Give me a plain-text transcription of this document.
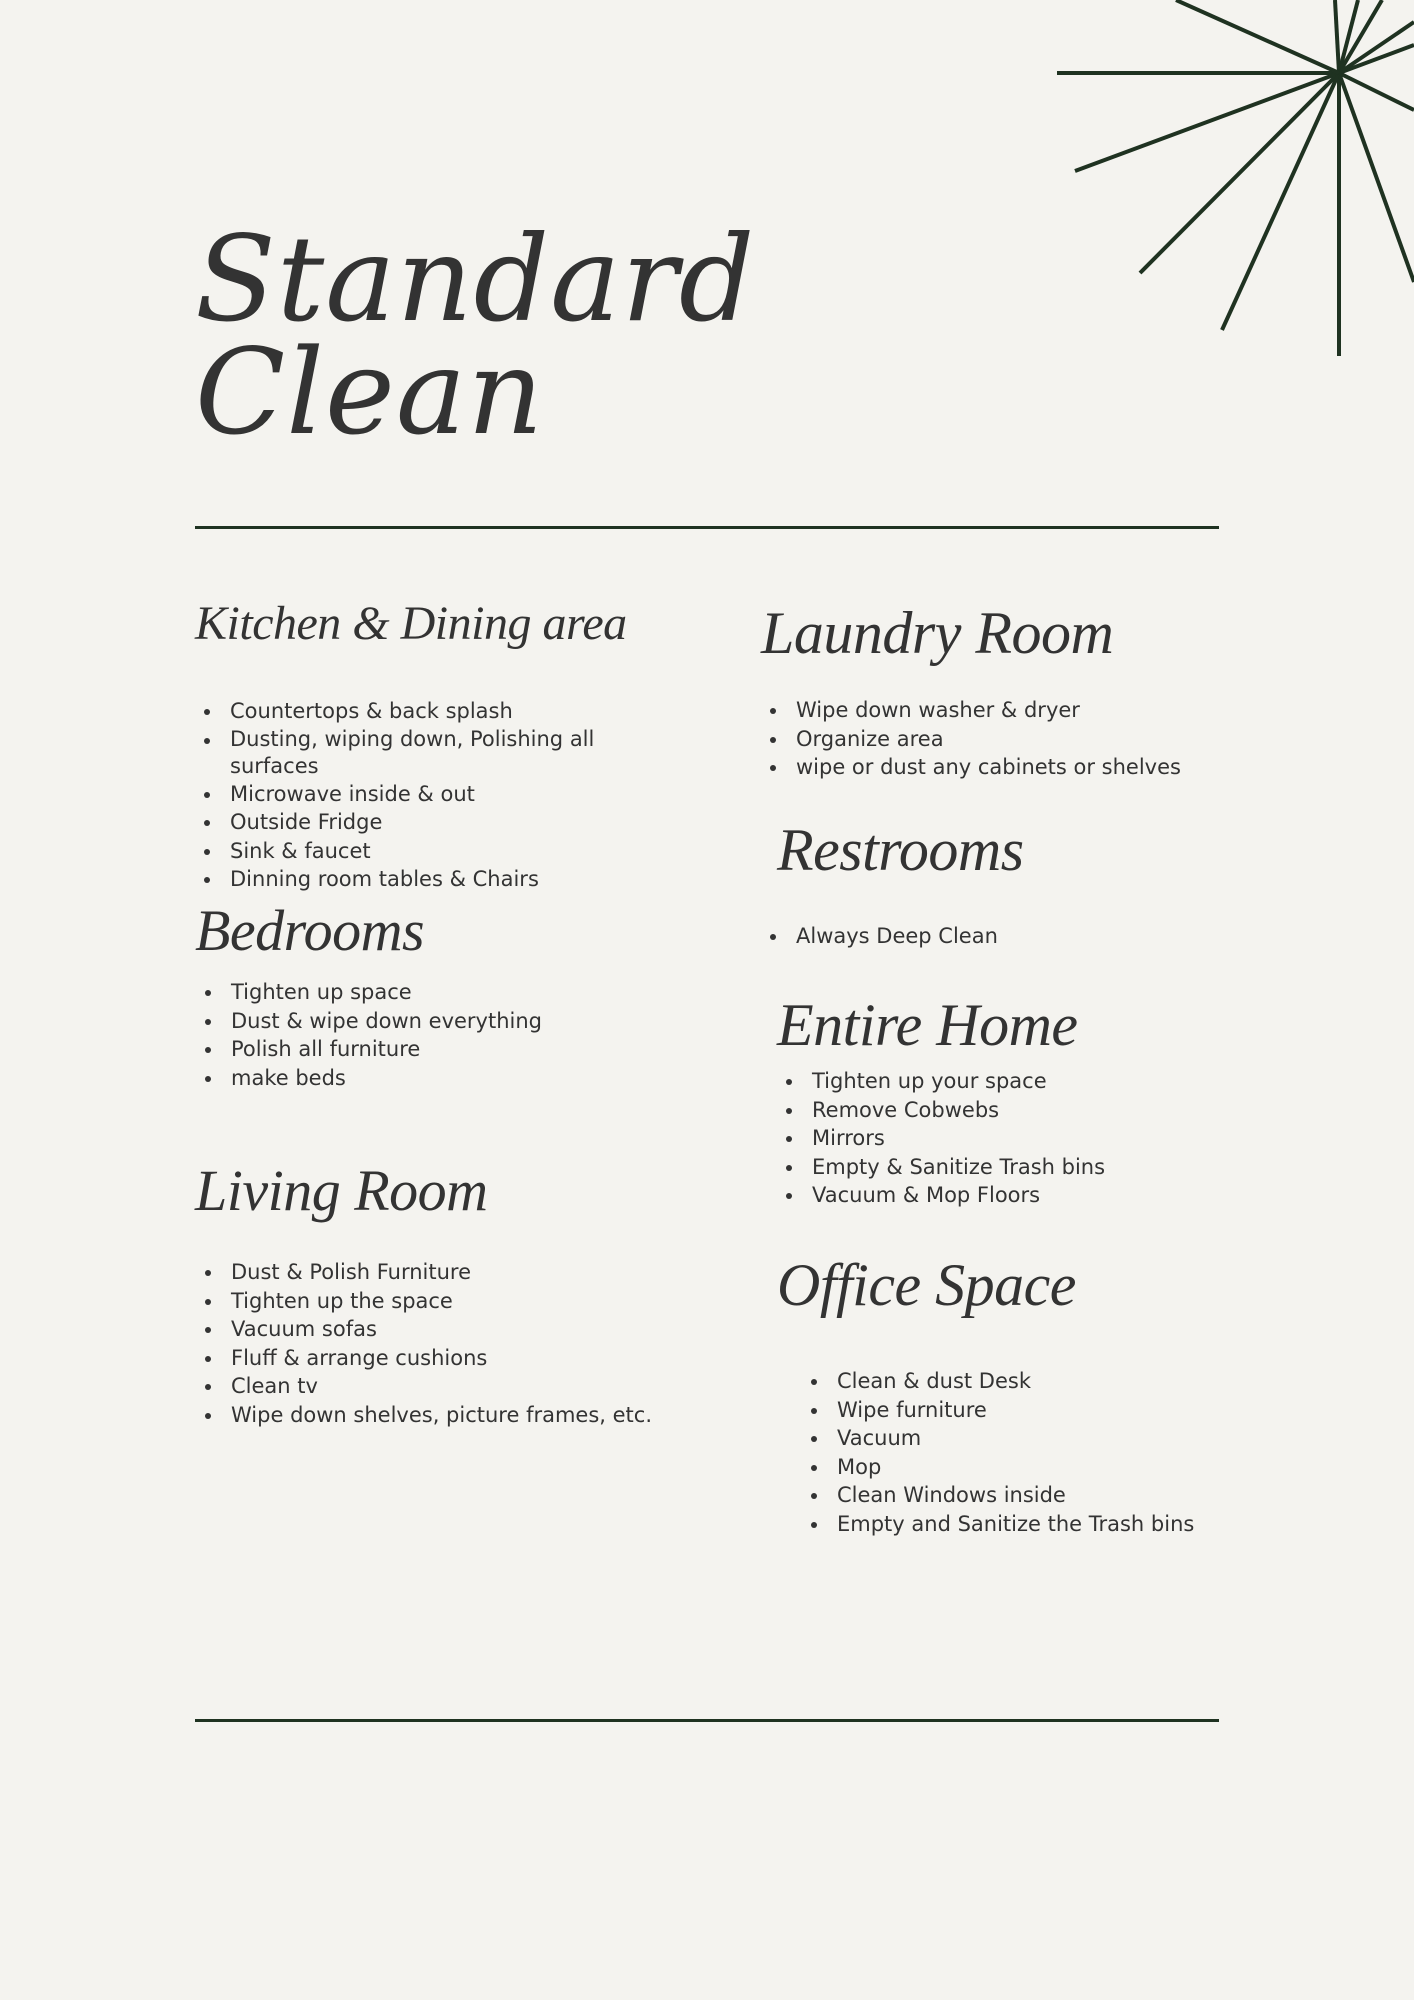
Standard
Clean
Kitchen & Dining area
Countertops & back splash
Dusting, wiping down, Polishing all surfaces
Microwave inside & out
Outside Fridge
Sink & faucet
Dinning room tables & Chairs
Bedrooms
Tighten up space
Dust & wipe down everything
Polish all furniture
make beds
Living Room
Dust & Polish Furniture
Tighten up the space
Vacuum sofas
Fluff & arrange cushions
Clean tv
Wipe down shelves, picture frames, etc.
Laundry Room
Wipe down washer & dryer
Organize area
wipe or dust any cabinets or shelves
Restrooms
Always Deep Clean
Entire Home
Tighten up your space
Remove Cobwebs
Mirrors
Empty & Sanitize Trash bins
Vacuum & Mop Floors
Office Space
Clean & dust Desk
Wipe furniture
Vacuum
Mop
Clean Windows inside
Empty and Sanitize the Trash bins
